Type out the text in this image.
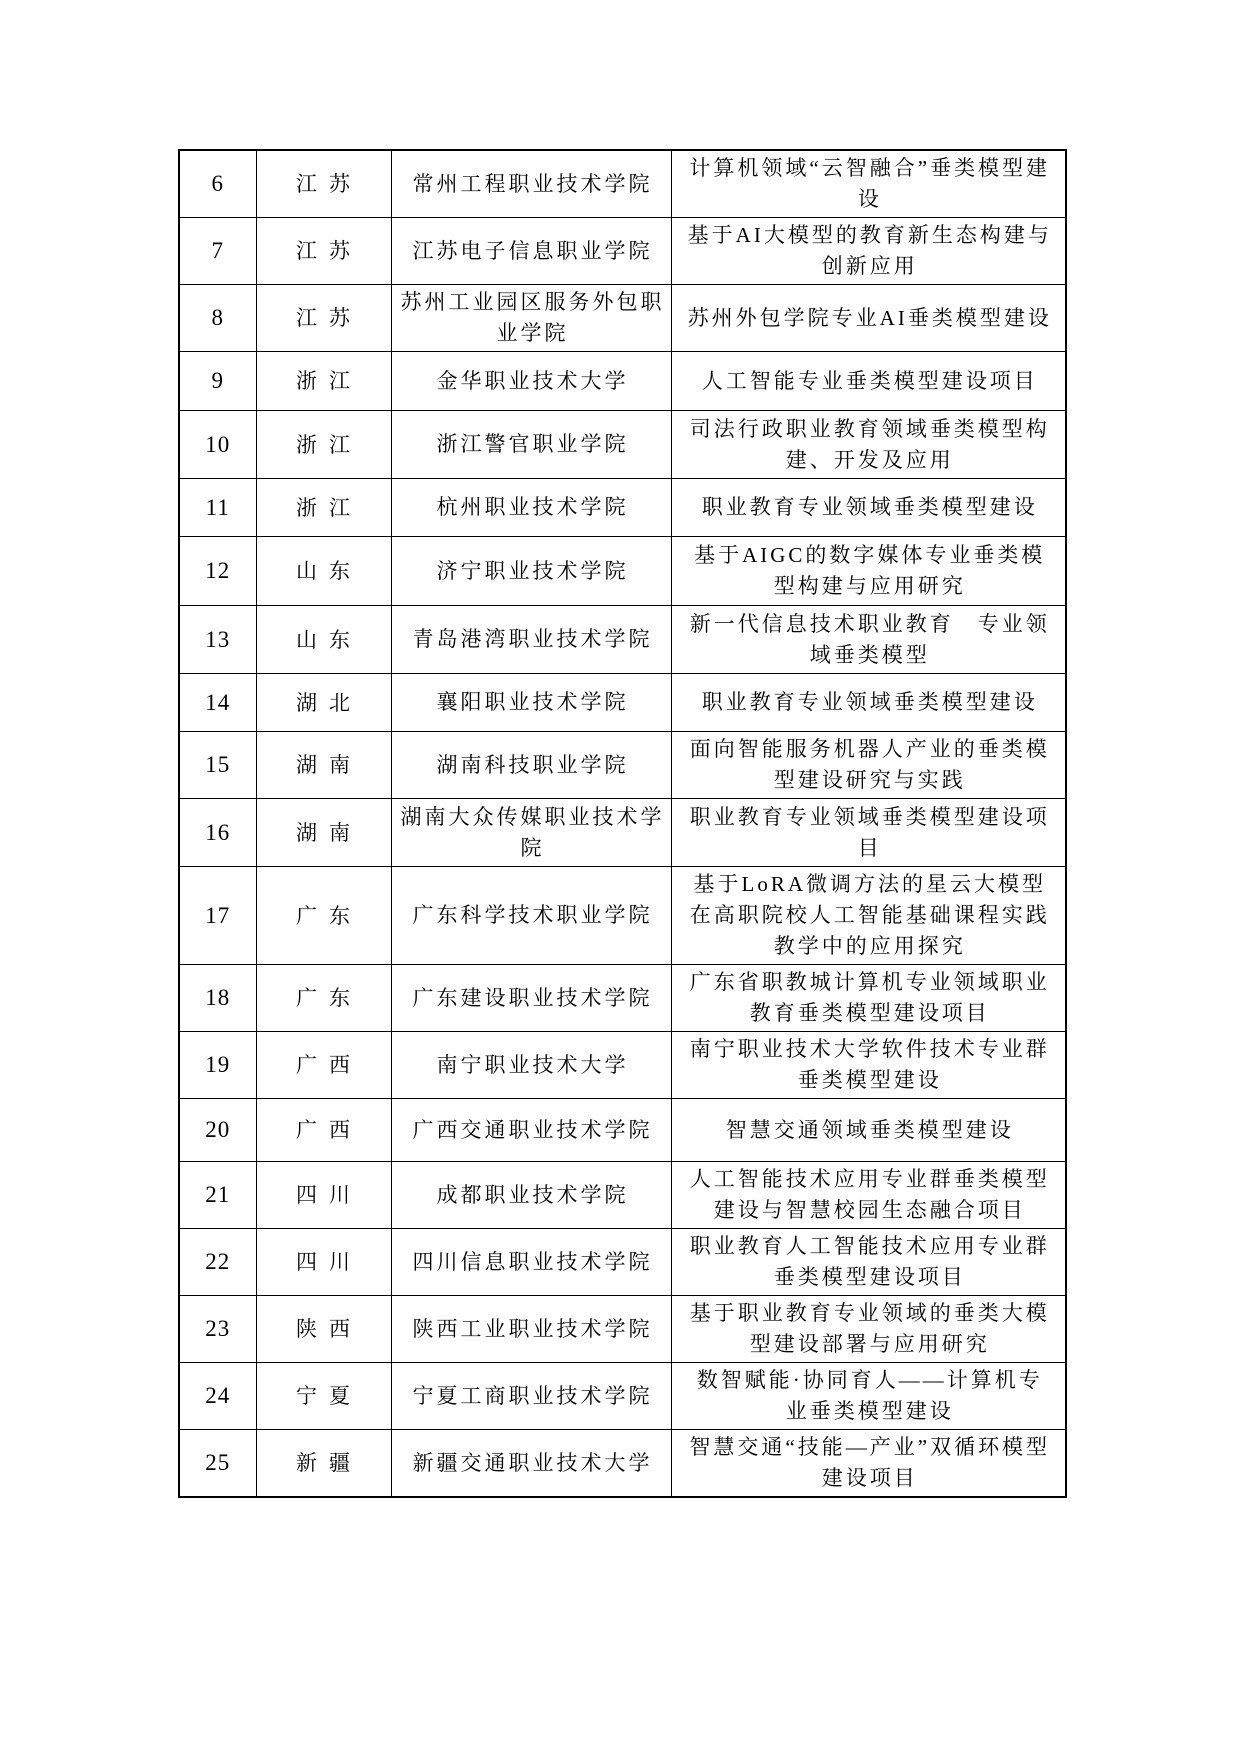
6	江苏	常州工程职业技术学院	计算机领域“云智融合”垂类模型建设
7	江苏	江苏电子信息职业学院	基于AI大模型的教育新生态构建与创新应用
8	江苏	苏州工业园区服务外包职业学院	苏州外包学院专业AI垂类模型建设
9	浙江	金华职业技术大学	人工智能专业垂类模型建设项目
10	浙江	浙江警官职业学院	司法行政职业教育领域垂类模型构建、开发及应用
11	浙江	杭州职业技术学院	职业教育专业领域垂类模型建设
12	山东	济宁职业技术学院	基于AIGC的数字媒体专业垂类模型构建与应用研究
13	山东	青岛港湾职业技术学院	新一代信息技术职业教育　专业领域垂类模型
14	湖北	襄阳职业技术学院	职业教育专业领域垂类模型建设
15	湖南	湖南科技职业学院	面向智能服务机器人产业的垂类模型建设研究与实践
16	湖南	湖南大众传媒职业技术学院	职业教育专业领域垂类模型建设项目
17	广东	广东科学技术职业学院	基于LoRA微调方法的星云大模型在高职院校人工智能基础课程实践教学中的应用探究
18	广东	广东建设职业技术学院	广东省职教城计算机专业领域职业教育垂类模型建设项目
19	广西	南宁职业技术大学	南宁职业技术大学软件技术专业群垂类模型建设
20	广西	广西交通职业技术学院	智慧交通领域垂类模型建设
21	四川	成都职业技术学院	人工智能技术应用专业群垂类模型建设与智慧校园生态融合项目
22	四川	四川信息职业技术学院	职业教育人工智能技术应用专业群垂类模型建设项目
23	陕西	陕西工业职业技术学院	基于职业教育专业领域的垂类大模型建设部署与应用研究
24	宁夏	宁夏工商职业技术学院	数智赋能·协同育人——计算机专业垂类模型建设
25	新疆	新疆交通职业技术大学	智慧交通“技能—产业”双循环模型建设项目
